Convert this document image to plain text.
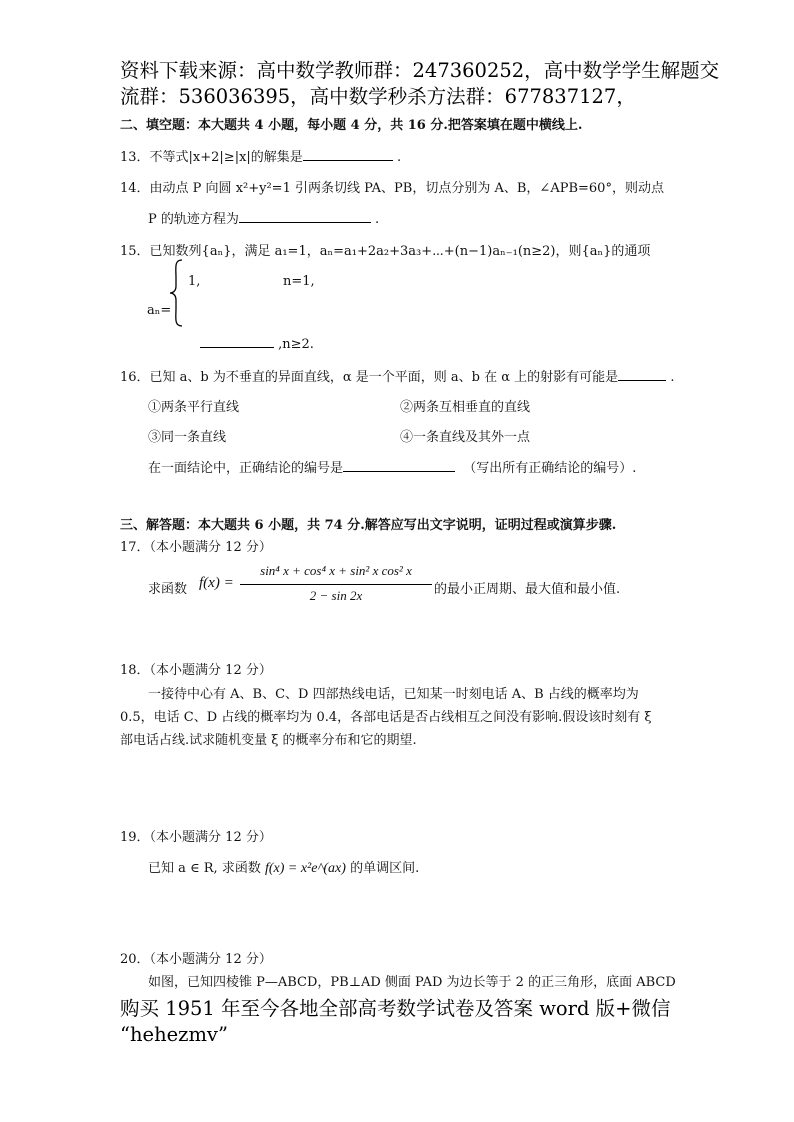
资料下载来源：高中数学教师群：247360252，高中数学学生解题交
流群：536036395，高中数学秒杀方法群：677837127，
二、填空题：本大题共 4 小题，每小题 4 分，共 16 分.把答案填在题中横线上.
13．不等式|x+2|≥|x|的解集是	.
14．由动点 P 向圆 x²+y²=1 引两条切线 PA、PB，切点分别为 A、B，∠APB=60°，则动点
P 的轨迹方程为	.
15．已知数列{aₙ}，满足 a₁=1，aₙ=a₁+2a₂+3a₃+⋯+(n−1)aₙ₋₁(n≥2)，则{aₙ}的通项
1,	n=1,
aₙ=
,n≥2.
16．已知 a、b 为不垂直的异面直线，α 是一个平面，则 a、b 在 α 上的射影有可能是	.
①两条平行直线	②两条互相垂直的直线
③同一条直线	④一条直线及其外一点
在一面结论中，正确结论的编号是	（写出所有正确结论的编号）.
三、解答题：本大题共 6 小题，共 74 分.解答应写出文字说明，证明过程或演算步骤.
17．（本小题满分 12 分）
求函数 f(x) =
sin⁴ x + cos⁴ x + sin² x cos² x
2 − sin 2x	的最小正周期、最大值和最小值.
18．（本小题满分 12 分）
一接待中心有 A、B、C、D 四部热线电话，已知某一时刻电话 A、B 占线的概率均为
0.5，电话 C、D 占线的概率均为 0.4，各部电话是否占线相互之间没有影响.假设该时刻有 ξ
部电话占线.试求随机变量 ξ 的概率分布和它的期望.
19．（本小题满分 12 分）
已知 a ∈ R, 求函数 f(x) = x²e^(ax) 的单调区间.
20．（本小题满分 12 分）
如图，已知四棱锥 P—ABCD，PB⊥AD 侧面 PAD 为边长等于 2 的正三角形，底面 ABCD
购买 1951 年至今各地全部高考数学试卷及答案 word 版+微信
“hehezmv”
